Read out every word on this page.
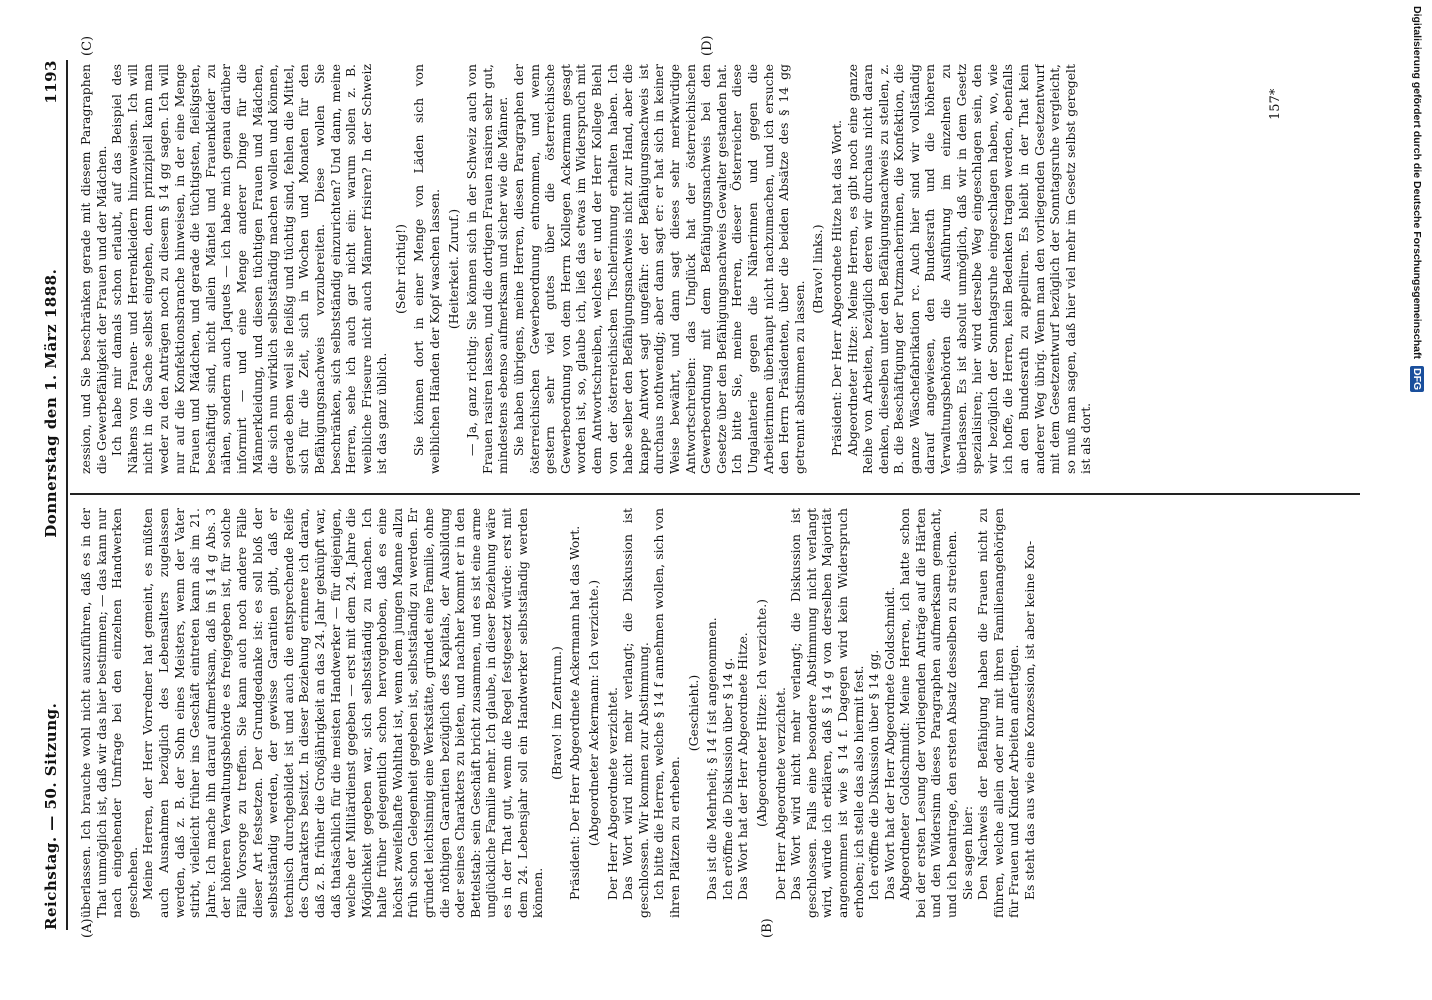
Reichstag. — 50. Sitzung.
Donnerstag den 1. März 1888.
1193
(A)	(B)
(C)	(D)

überlassen. Ich brauche wohl nicht auszuführen, daß es in der That unmöglich ist, daß wir das hier bestimmen; — das kann nur nach eingehender Umfrage bei den einzelnen Handwerken geschehen. Meine Herren, der Herr Vorredner hat gemeint, es müßten auch Ausnahmen bezüglich des Lebensalters zugelassen werden, daß z. B. der Sohn eines Meisters, wenn der Vater stirbt, vielleicht früher ins Geschäft eintreten kann als im 21. Jahre. Ich mache ihn darauf aufmerksam, daß in § 14 g Abs. 3 der höheren Verwaltungsbehörde es freigegeben ist, für solche Fälle Vorsorge zu treffen. Sie kann auch noch andere Fälle dieser Art festsetzen. Der Grundgedanke ist: es soll bloß der selbstständig werden, der gewisse Garantien gibt, daß er technisch durchgebildet ist und auch die entsprechende Reife des Charakters besitzt. In dieser Beziehung erinnere ich daran, daß z. B. früher die Großjährigkeit an das 24. Jahr geknüpft war, daß thatsächlich für die meisten Handwerker — für diejenigen, welche der Militärdienst gegeben — erst mit dem 24. Jahre die Möglichkeit gegeben war, sich selbstständig zu machen. Ich halte früher gelegentlich schon hervorgehoben, daß es eine höchst zweifelhafte Wohlthat ist, wenn dem jungen Manne allzu früh schon Gelegenheit gegeben ist, selbstständig zu werden. Er gründet leichtsinnig eine Werkstätte, gründet eine Familie, ohne die nöthigen Garantien bezüglich des Kapitals, der Ausbildung oder seines Charakters zu bieten, und nachher kommt er in den Bettelstab: sein Geschäft bricht zusammen, und es ist eine arme unglückliche Familie mehr. Ich glaube, in dieser Beziehung wäre es in der That gut, wenn die Regel festgesetzt würde: erst mit dem 24. Lebensjahr soll ein Handwerker selbstständig werden können.

(Bravo! im Zentrum.) Präsident: Der Herr Abgeordnete Ackermann hat das Wort. (Abgeordneter Ackermann: Ich verzichte.) Der Herr Abgeordnete verzichtet. Das Wort wird nicht mehr verlangt; die Diskussion ist geschlossen. Wir kommen zur Abstimmung. Ich bitte die Herren, welche § 14 f annehmen wollen, sich von ihren Plätzen zu erheben.

(Geschieht.) Das ist die Mehrheit; § 14 f ist angenommen. Ich eröffne die Diskussion über § 14 g. Das Wort hat der Herr Abgeordnete Hitze. (Abgeordneter Hitze: Ich verzichte.) Der Herr Abgeordnete verzichtet. Das Wort wird nicht mehr verlangt; die Diskussion ist geschlossen. Falls eine besondere Abstimmung nicht verlangt wird, würde ich erklären, daß § 14 g von derselben Majorität angenommen ist wie § 14 f. Dagegen wird kein Widerspruch erhoben; ich stelle das also hiermit fest. Ich eröffne die Diskussion über § 14 gg. Das Wort hat der Herr Abgeordnete Goldschmidt. Abgeordneter Goldschmidt: Meine Herren, ich hatte schon bei der ersten Lesung der vorliegenden Anträge auf die Härten und den Widersinn dieses Paragraphen aufmerksam gemacht, und ich beantrage, den ersten Absatz desselben zu streichen. Sie sagen hier: Den Nachweis der Befähigung haben die Frauen nicht zu führen, welche allein oder nur mit ihren Familienangehörigen für Frauen und Kinder Arbeiten anfertigen. Es steht das aus wie eine Konzession, ist aber keine Kon-

zession, und Sie beschränken gerade mit diesem Paragraphen die Gewerbefähigkeit der Frauen und der Mädchen. Ich habe mir damals schon erlaubt, auf das Beispiel des Nähens von Frauen- und Herrenkleidern hinzuweisen. Ich will nicht in die Sache selbst eingehen, denn prinzipiell kann man weder zu den Anträgen noch zu diesem § 14 gg sagen. Ich will nur auf die Konfektionsbranche hinweisen, in der eine Menge Frauen und Mädchen, und gerade die tüchtigsten, fleißigsten, beschäftigt sind, nicht allein Mäntel und Frauenkleider zu nähen, sondern auch Jaquets — ich habe mich genau darüber informirt — und eine Menge anderer Dinge für die Männerkleidung, und diesen tüchtigen Frauen und Mädchen, die sich nun wirklich selbstständig machen wollen und können, gerade eben weil sie fleißig und tüchtig sind, fehlen die Mittel, sich für die Zeit, sich in Wochen und Monaten für den Befähigungsnachweis vorzubereiten. Diese wollen Sie beschränken, sich selbstständig einzurichten? Und dann, meine Herren, sehe ich auch gar nicht ein: warum sollen z. B. weibliche Friseure nicht auch Männer frisiren? In der Schweiz ist das ganz üblich.

(Sehr richtig!) Sie können dort in einer Menge von Läden sich von weiblichen Händen der Kopf waschen lassen. (Heiterkeit. Zuruf.) — Ja, ganz richtig: Sie können sich in der Schweiz auch von Frauen rasiren lassen, und die dortigen Frauen rasiren sehr gut, mindestens ebenso aufmerksam und sicher wie die Männer. Sie haben übrigens, meine Herren, diesen Paragraphen der österreichischen Gewerbeordnung entnommen, und wenn gestern sehr viel gutes über die österreichische Gewerbeordnung von dem Herrn Kollegen Ackermann gesagt worden ist, so, glaube ich, ließ das etwas im Widerspruch mit dem Antwortschreiben, welches er und der Herr Kollege Biehl von der österreichischen Tischlerinnung erhalten haben. Ich habe selber den Befähigungsnachweis nicht zur Hand, aber die knappe Antwort sagt ungefähr: der Befähigungsnachweis ist durchaus nothwendig; aber dann sagt er: er hat sich in keiner Weise bewährt, und dann sagt dieses sehr merkwürdige Antwortschreiben: das Unglück hat der österreichischen Gewerbeordnung mit dem Befähigungsnachweis bei den Gesetze über den Befähigungsnachweis Gewalter gestanden hat. Ich bitte Sie, meine Herren, dieser Österreicher diese Ungalanterie gegen die Näherinnen und gegen die Arbeiterinnen überhaupt nicht nachzumachen, und ich ersuche den Herrn Präsidenten, über die beiden Absätze des § 14 gg getrennt abstimmen zu lassen.

(Bravo! links.) Präsident: Der Herr Abgeordnete Hitze hat das Wort. Abgeordneter Hitze: Meine Herren, es gibt noch eine ganze Reihe von Arbeiten, bezüglich deren wir durchaus nicht daran denken, dieselben unter den Befähigungsnachweis zu stellen, z. B. die Beschäftigung der Putzmacherinnen, die Konfektion, die ganze Wäschefabrikation rc. Auch hier sind wir vollständig darauf angewiesen, den Bundesrath und die höheren Verwaltungsbehörden die Ausführung im einzelnen zu überlassen. Es ist absolut unmöglich, daß wir in dem Gesetz spezialisiren; hier wird derselbe Weg eingeschlagen sein, den wir bezüglich der Sonntagsruhe eingeschlagen haben, wo, wie ich hoffe, die Herren, kein Bedenken tragen werden, ebenfalls an den Bundesrath zu appelliren. Es bleibt in der That kein anderer Weg übrig. Wenn man den vorliegenden Gesetzentwurf mit dem Gesetzentwurf bezüglich der Sonntagsruhe vergleicht, so muß man sagen, daß hier viel mehr im Gesetz selbst geregelt ist als dort.

157*	Digitalisierung gefördert durch die Deutsche Forschungsgemeinschaft DFG
